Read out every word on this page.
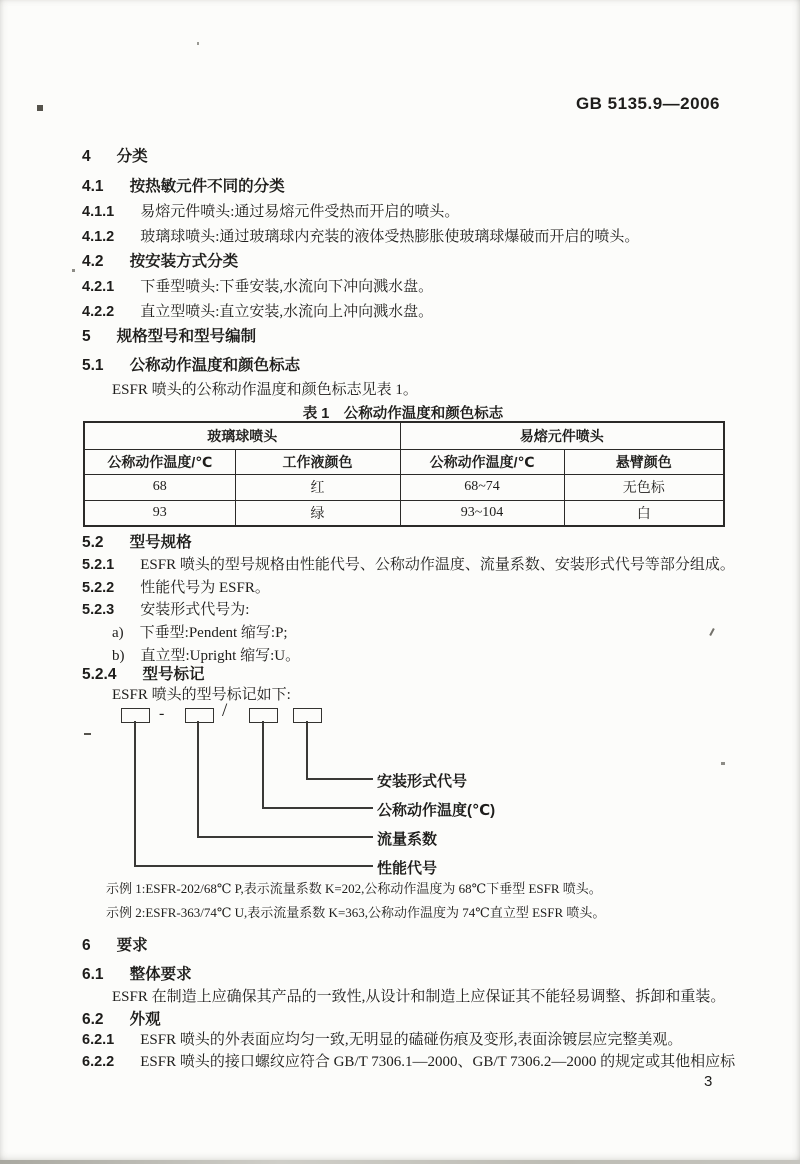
GB 5135.9—2006
4 分类
4.1 按热敏元件不同的分类
4.1.1 易熔元件喷头:通过易熔元件受热而开启的喷头。
4.1.2 玻璃球喷头:通过玻璃球内充装的液体受热膨胀使玻璃球爆破而开启的喷头。
4.2 按安装方式分类
4.2.1 下垂型喷头:下垂安装,水流向下冲向溅水盘。
4.2.2 直立型喷头:直立安装,水流向上冲向溅水盘。
5 规格型号和型号编制
5.1 公称动作温度和颜色标志
ESFR 喷头的公称动作温度和颜色标志见表 1。
表 1　公称动作温度和颜色标志
玻璃球喷头		易熔元件喷头	
公称动作温度/℃	工作液颜色	公称动作温度/℃	悬臂颜色
68	红	68~74	无色标
93	绿	93~104	白
5.2 型号规格
5.2.1 ESFR 喷头的型号规格由性能代号、公称动作温度、流量系数、安装形式代号等部分组成。
5.2.2 性能代号为 ESFR。
5.2.3 安装形式代号为:
a) 下垂型:Pendent 缩写:P;
b) 直立型:Upright 缩写:U。
5.2.4 型号标记
ESFR 喷头的型号标记如下:
-	/
安装形式代号
公称动作温度(℃)
流量系数
性能代号
示例 1:ESFR-202/68℃ P,表示流量系数 K=202,公称动作温度为 68℃下垂型 ESFR 喷头。
示例 2:ESFR-363/74℃ U,表示流量系数 K=363,公称动作温度为 74℃直立型 ESFR 喷头。
6 要求
6.1 整体要求
ESFR 在制造上应确保其产品的一致性,从设计和制造上应保证其不能轻易调整、拆卸和重装。
6.2 外观
6.2.1 ESFR 喷头的外表面应均匀一致,无明显的磕碰伤痕及变形,表面涂镀层应完整美观。
6.2.2 ESFR 喷头的接口螺纹应符合 GB/T 7306.1—2000、GB/T 7306.2—2000 的规定或其他相应标
3
